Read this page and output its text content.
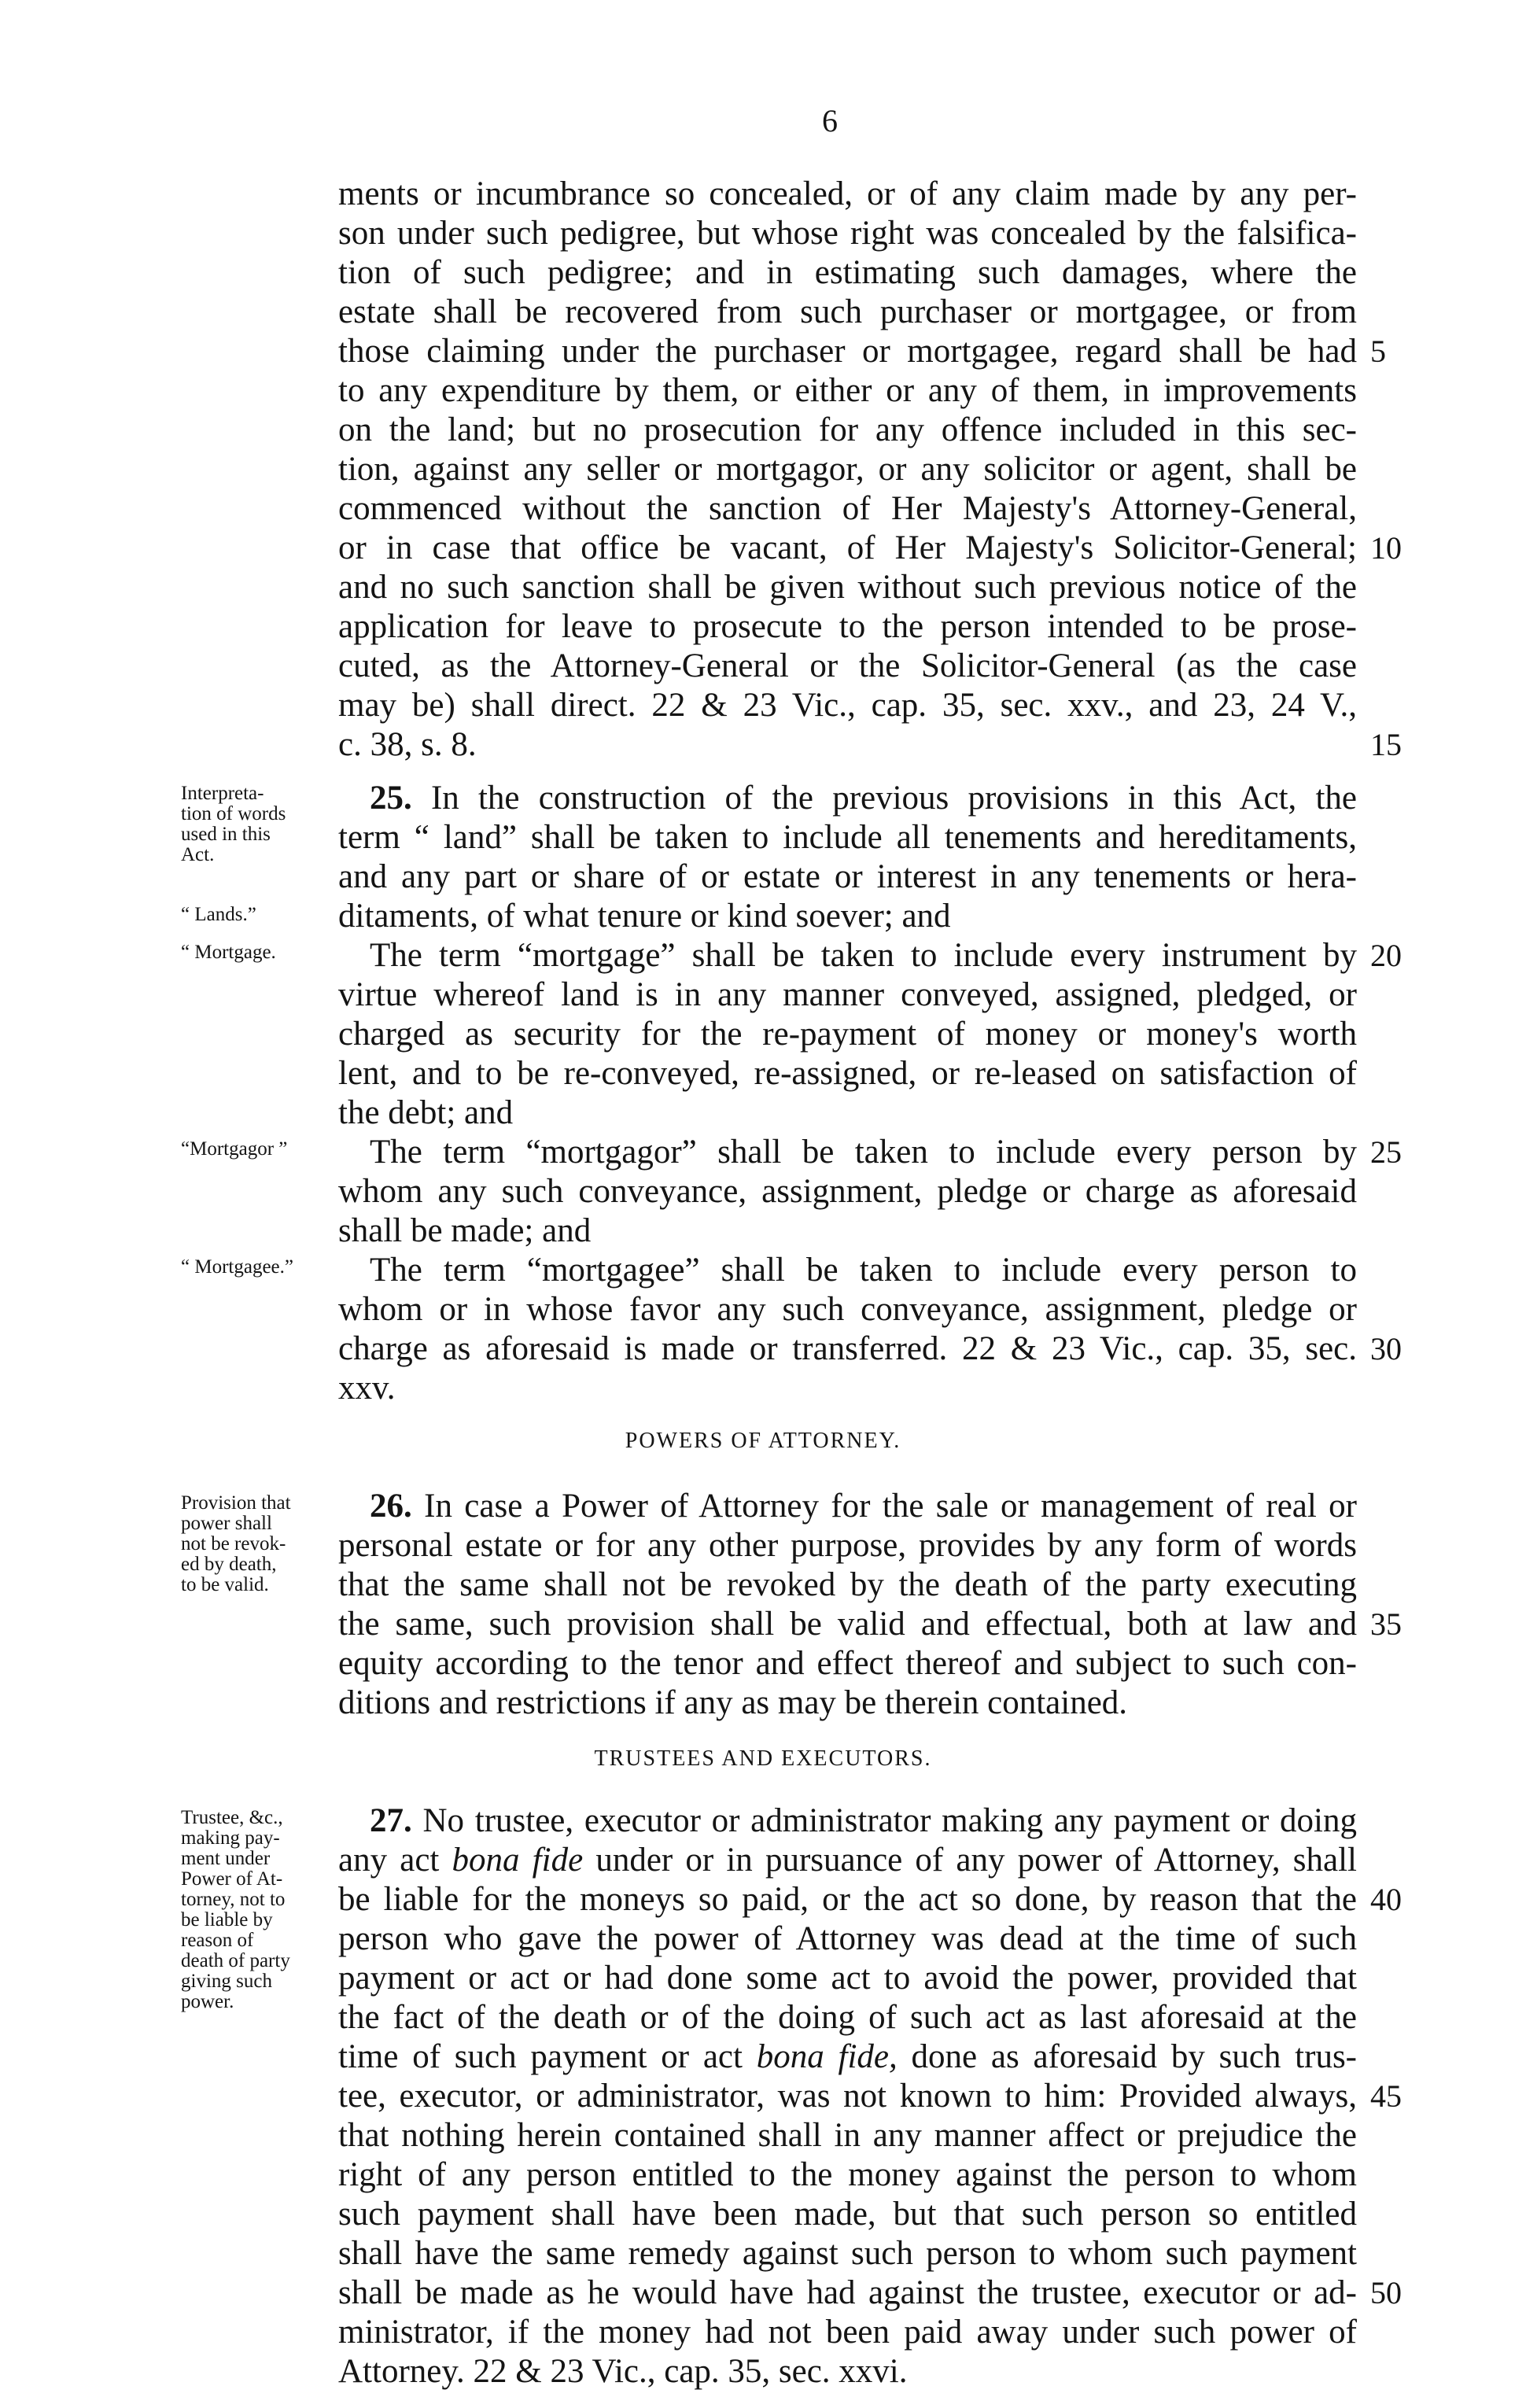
6
ments or incumbrance so concealed, or of any claim made by any per-
son under such pedigree, but whose right was concealed by the falsifica-
tion of such pedigree; and in estimating such damages, where the
estate shall be recovered from such purchaser or mortgagee, or from
those claiming under the purchaser or mortgagee, regard shall be had
to any expenditure by them, or either or any of them, in improvements
on the land; but no prosecution for any offence included in this sec-
tion, against any seller or mortgagor, or any solicitor or agent, shall be
commenced without the sanction of Her Majesty's Attorney-General,
or in case that office be vacant, of Her Majesty's Solicitor-General;
and no such sanction shall be given without such previous notice of the
application for leave to prosecute to the person intended to be prose-
cuted, as the Attorney-General or the Solicitor-General (as the case
may be) shall direct. 22 & 23 Vic., cap. 35, sec. xxv., and 23, 24 V.,
c. 38, s. 8.
25. In the construction of the previous provisions in this Act, the
term “ land” shall be taken to include all tenements and hereditaments,
and any part or share of or estate or interest in any tenements or hera-
ditaments, of what tenure or kind soever; and
The term “mortgage” shall be taken to include every instrument by
virtue whereof land is in any manner conveyed, assigned, pledged, or
charged as security for the re-payment of money or money's worth
lent, and to be re-conveyed, re-assigned, or re-leased on satisfaction of
the debt; and
The term “mortgagor” shall be taken to include every person by
whom any such conveyance, assignment, pledge or charge as aforesaid
shall be made; and
The term “mortgagee” shall be taken to include every person to
whom or in whose favor any such conveyance, assignment, pledge or
charge as aforesaid is made or transferred. 22 & 23 Vic., cap. 35, sec.
xxv.
POWERS OF ATTORNEY.
26. In case a Power of Attorney for the sale or management of real or
personal estate or for any other purpose, provides by any form of words
that the same shall not be revoked by the death of the party executing
the same, such provision shall be valid and effectual, both at law and
equity according to the tenor and effect thereof and subject to such con-
ditions and restrictions if any as may be therein contained.
TRUSTEES AND EXECUTORS.
27. No trustee, executor or administrator making any payment or doing
any act bona fide under or in pursuance of any power of Attorney, shall
be liable for the moneys so paid, or the act so done, by reason that the
person who gave the power of Attorney was dead at the time of such
payment or act or had done some act to avoid the power, provided that
the fact of the death or of the doing of such act as last aforesaid at the
time of such payment or act bona fide, done as aforesaid by such trus-
tee, executor, or administrator, was not known to him: Provided always,
that nothing herein contained shall in any manner affect or prejudice the
right of any person entitled to the money against the person to whom
such payment shall have been made, but that such person so entitled
shall have the same remedy against such person to whom such payment
shall be made as he would have had against the trustee, executor or ad-
ministrator, if the money had not been paid away under such power of
Attorney. 22 & 23 Vic., cap. 35, sec. xxvi.
5
10
15
20
25
30
35
40
45
50
Interpreta-
tion of words
used in this
Act.
“ Lands.”
“ Mortgage.
“Mortgagor ”
“ Mortgagee.”
Provision that
power shall
not be revok-
ed by death,
to be valid.
Trustee, &c.,
making pay-
ment under
Power of At-
torney, not to
be liable by
reason of
death of party
giving such
power.
